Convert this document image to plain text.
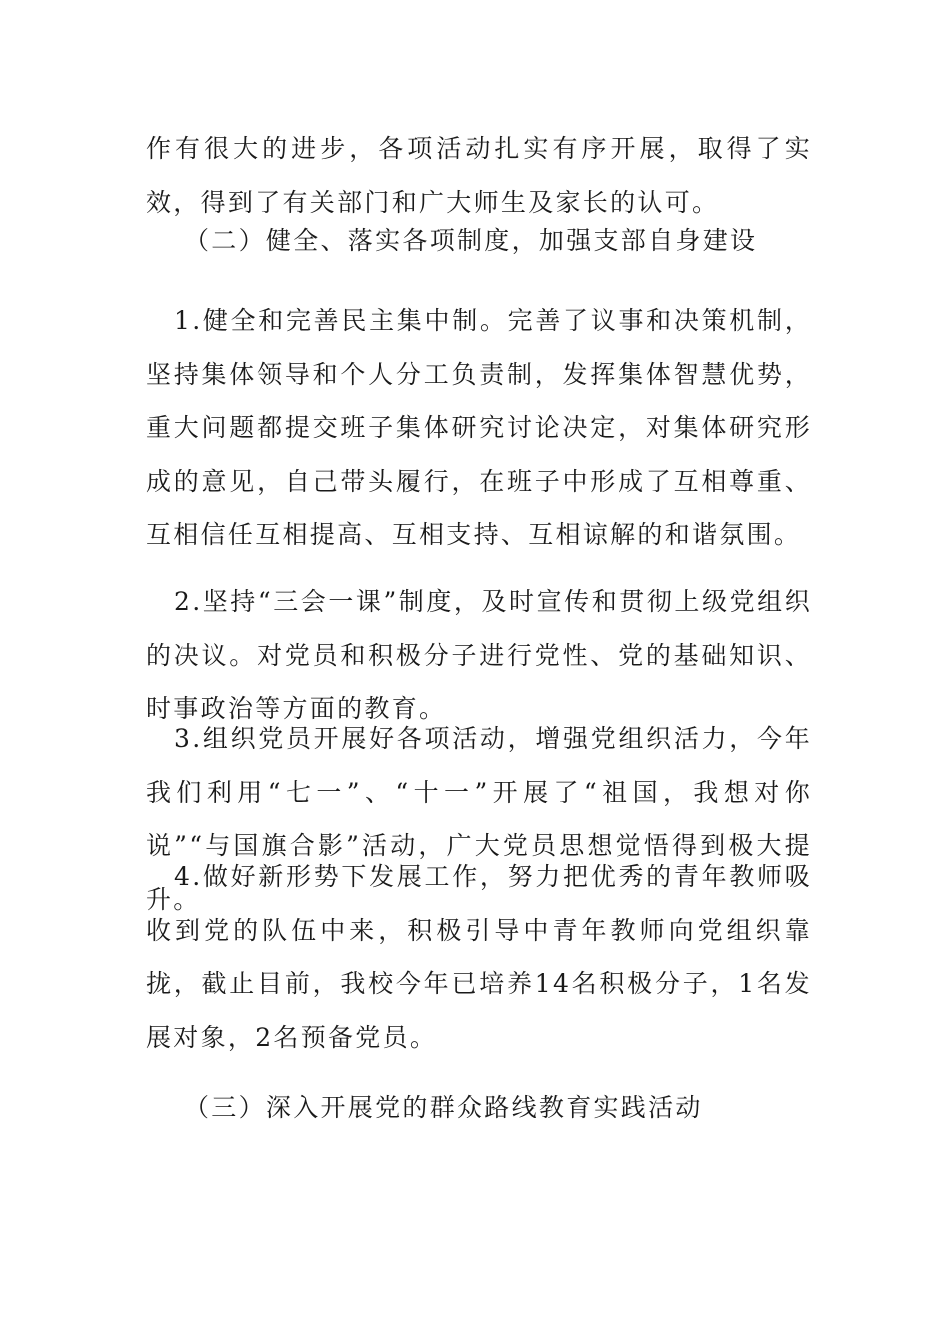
作有很大的进步，各项活动扎实有序开展，取得了实效，得到了有关部门和广大师生及家长的认可。

（二）健全、落实各项制度，加强支部自身建设

1.健全和完善民主集中制。完善了议事和决策机制，坚持集体领导和个人分工负责制，发挥集体智慧优势，重大问题都提交班子集体研究讨论决定，对集体研究形成的意见，自己带头履行，在班子中形成了互相尊重、互相信任互相提高、互相支持、互相谅解的和谐氛围。

2.坚持“三会一课”制度，及时宣传和贯彻上级党组织的决议。对党员和积极分子进行党性、党的基础知识、时事政治等方面的教育。

3.组织党员开展好各项活动，增强党组织活力，今年我们利用“七一”、“十一”开展了“祖国，我想对你说”“与国旗合影”活动，广大党员思想觉悟得到极大提升。

4.做好新形势下发展工作，努力把优秀的青年教师吸收到党的队伍中来，积极引导中青年教师向党组织靠拢，截止目前，我校今年已培养14名积极分子，1名发展对象，2名预备党员。

（三）深入开展党的群众路线教育实践活动
